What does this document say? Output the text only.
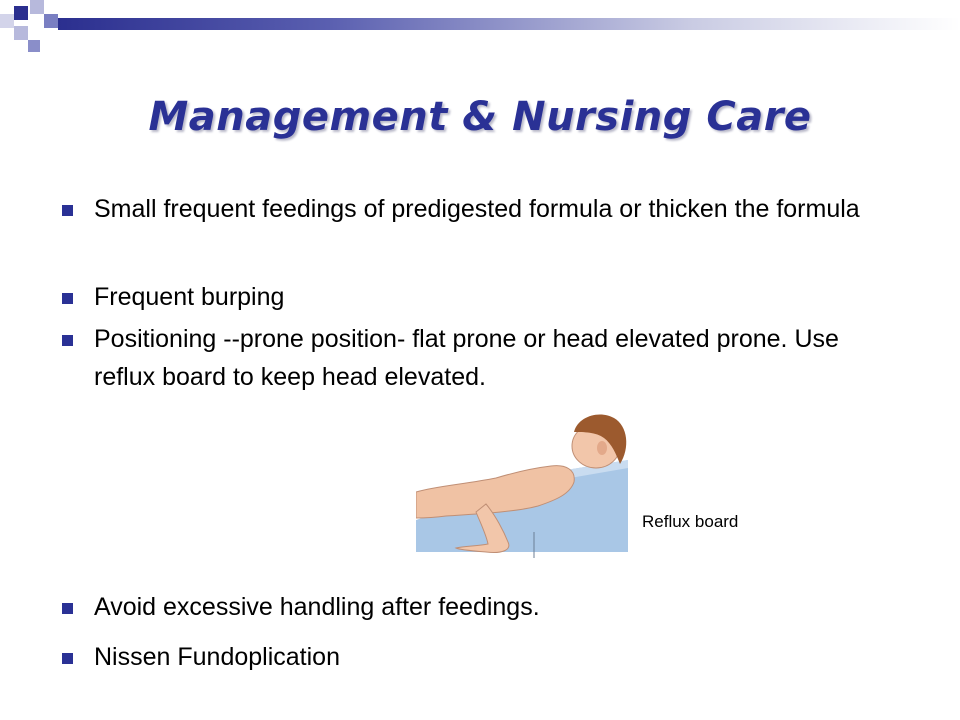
Management & Nursing Care
Small frequent feedings of predigested formula or thicken the formula
Frequent burping
Positioning --prone position- flat prone or head elevated prone. Use reflux board to keep head elevated.
Avoid excessive handling after feedings.
Nissen Fundoplication
Reflux board
